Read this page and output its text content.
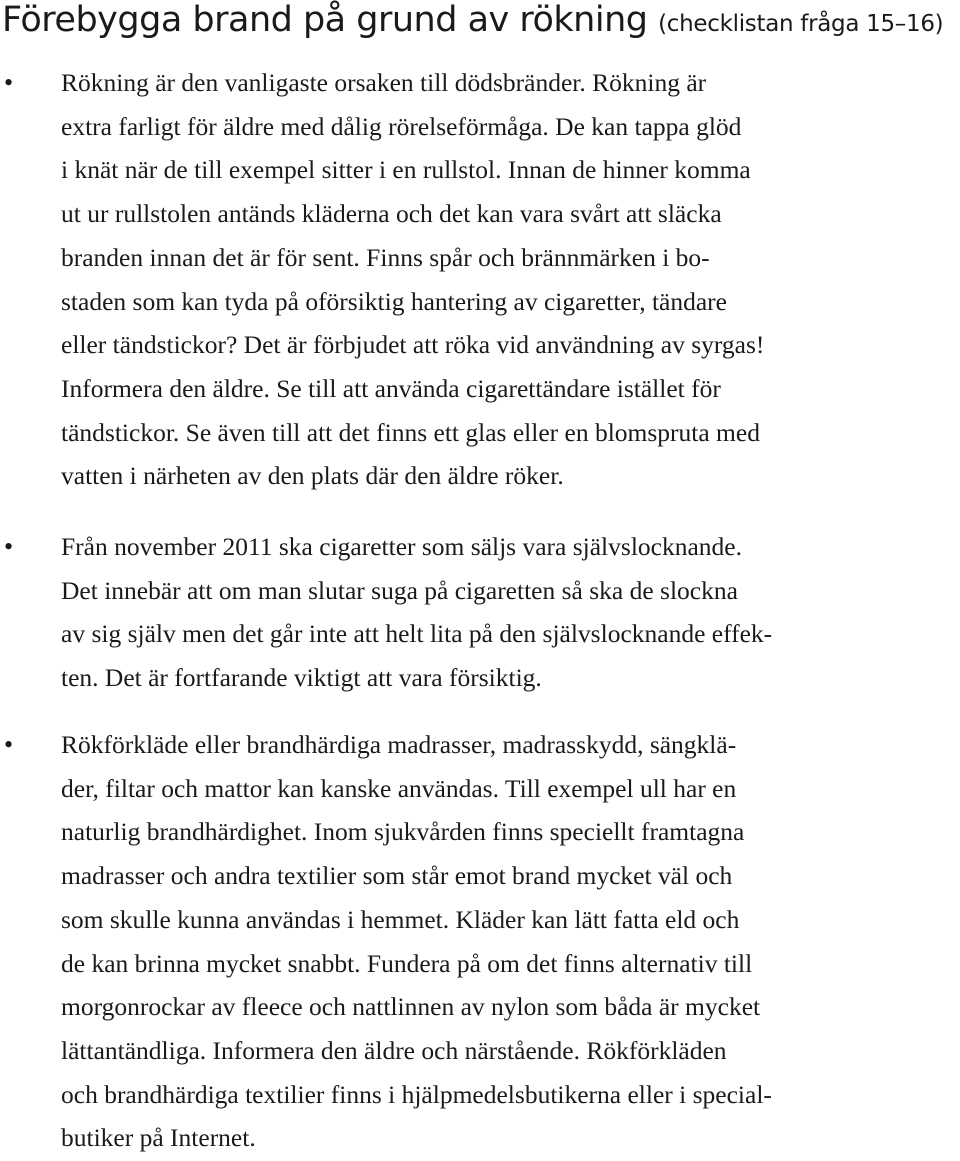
Förebygga brand på grund av rökning (checklistan fråga 15–16)
• Rökning är den vanligaste orsaken till dödsbränder. Rökning är
extra farligt för äldre med dålig rörelseförmåga. De kan tappa glöd
i knät när de till exempel sitter i en rullstol. Innan de hinner komma
ut ur rullstolen antänds kläderna och det kan vara svårt att släcka
branden innan det är för sent. Finns spår och brännmärken i bo-
staden som kan tyda på oförsiktig hantering av cigaretter, tändare
eller tändstickor? Det är förbjudet att röka vid användning av syrgas!
Informera den äldre. Se till att använda cigarettändare istället för
tändstickor. Se även till att det finns ett glas eller en blomspruta med
vatten i närheten av den plats där den äldre röker.

• Från november 2011 ska cigaretter som säljs vara självslocknande.
Det innebär att om man slutar suga på cigaretten så ska de slockna
av sig själv men det går inte att helt lita på den självslocknande effek-
ten. Det är fortfarande viktigt att vara försiktig.

• Rökförkläde eller brandhärdiga madrasser, madrasskydd, sängklä-
der, filtar och mattor kan kanske användas. Till exempel ull har en
naturlig brandhärdighet. Inom sjukvården finns speciellt framtagna
madrasser och andra textilier som står emot brand mycket väl och
som skulle kunna användas i hemmet. Kläder kan lätt fatta eld och
de kan brinna mycket snabbt. Fundera på om det finns alternativ till
morgonrockar av fleece och nattlinnen av nylon som båda är mycket
lättantändliga. Informera den äldre och närstående. Rökförkläden
och brandhärdiga textilier finns i hjälpmedelsbutikerna eller i special-
butiker på Internet.
